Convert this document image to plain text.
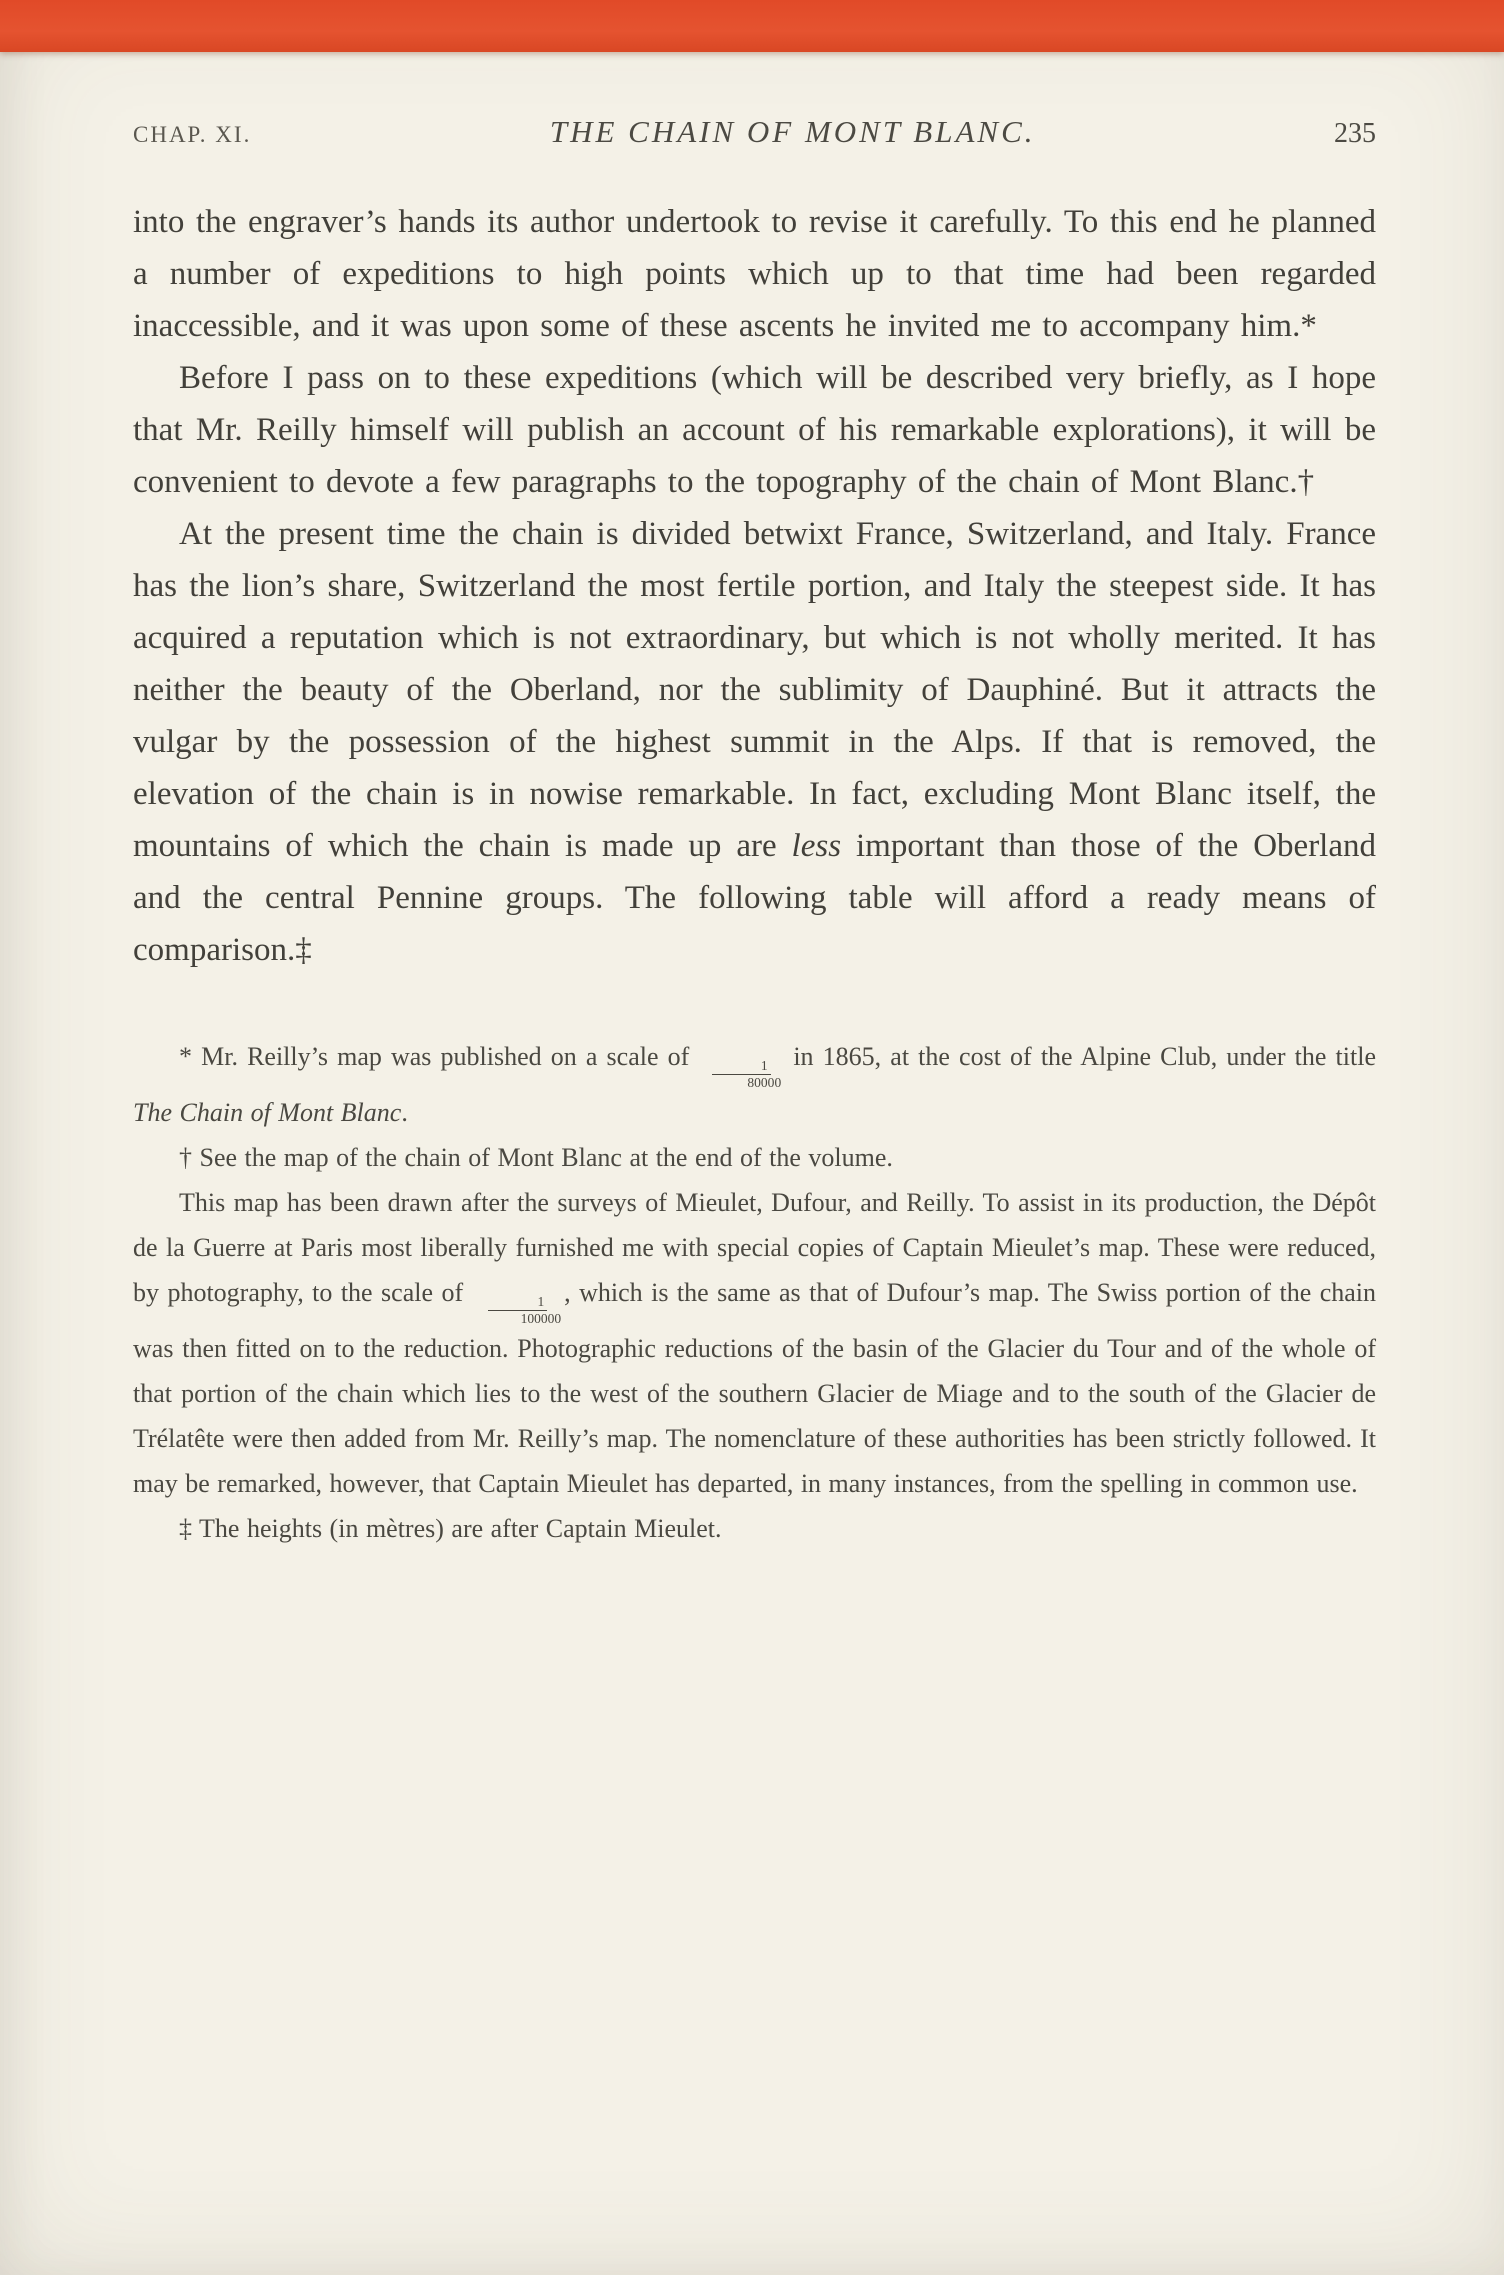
CHAP. XI.	THE CHAIN OF MONT BLANC.	235

into the engraver’s hands its author undertook to revise it carefully. To this end he planned a number of expeditions to high points which up to that time had been regarded inaccessible, and it was upon some of these ascents he invited me to accompany him.*

Before I pass on to these expeditions (which will be described very briefly, as I hope that Mr. Reilly himself will publish an account of his remarkable explorations), it will be convenient to devote a few paragraphs to the topography of the chain of Mont Blanc.†

At the present time the chain is divided betwixt France, Switzerland, and Italy. France has the lion’s share, Switzerland the most fertile portion, and Italy the steepest side. It has acquired a reputation which is not extraordinary, but which is not wholly merited. It has neither the beauty of the Oberland, nor the sublimity of Dauphiné. But it attracts the vulgar by the possession of the highest summit in the Alps. If that is removed, the elevation of the chain is in nowise remarkable. In fact, excluding Mont Blanc itself, the mountains of which the chain is made up are less important than those of the Oberland and the central Pennine groups. The following table will afford a ready means of comparison.‡

* Mr. Reilly’s map was published on a scale of
$\frac{1}{80000}$
in 1865, at the cost of the Alpine Club, under the title The Chain of Mont Blanc.

† See the map of the chain of Mont Blanc at the end of the volume.

This map has been drawn after the surveys of Mieulet, Dufour, and Reilly. To assist in its production, the Dépôt de la Guerre at Paris most liberally furnished me with special copies of Captain Mieulet’s map. These were reduced, by photography, to the scale of
$\frac{1}{100000}$
, which is the same as that of Dufour’s map. The Swiss portion of the chain was then fitted on to the reduction. Photographic reductions of the basin of the Glacier du Tour and of the whole of that portion of the chain which lies to the west of the southern Glacier de Miage and to the south of the Glacier de Trélatête were then added from Mr. Reilly’s map. The nomenclature of these authorities has been strictly followed. It may be remarked, however, that Captain Mieulet has departed, in many instances, from the spelling in common use.

‡ The heights (in mètres) are after Captain Mieulet.
